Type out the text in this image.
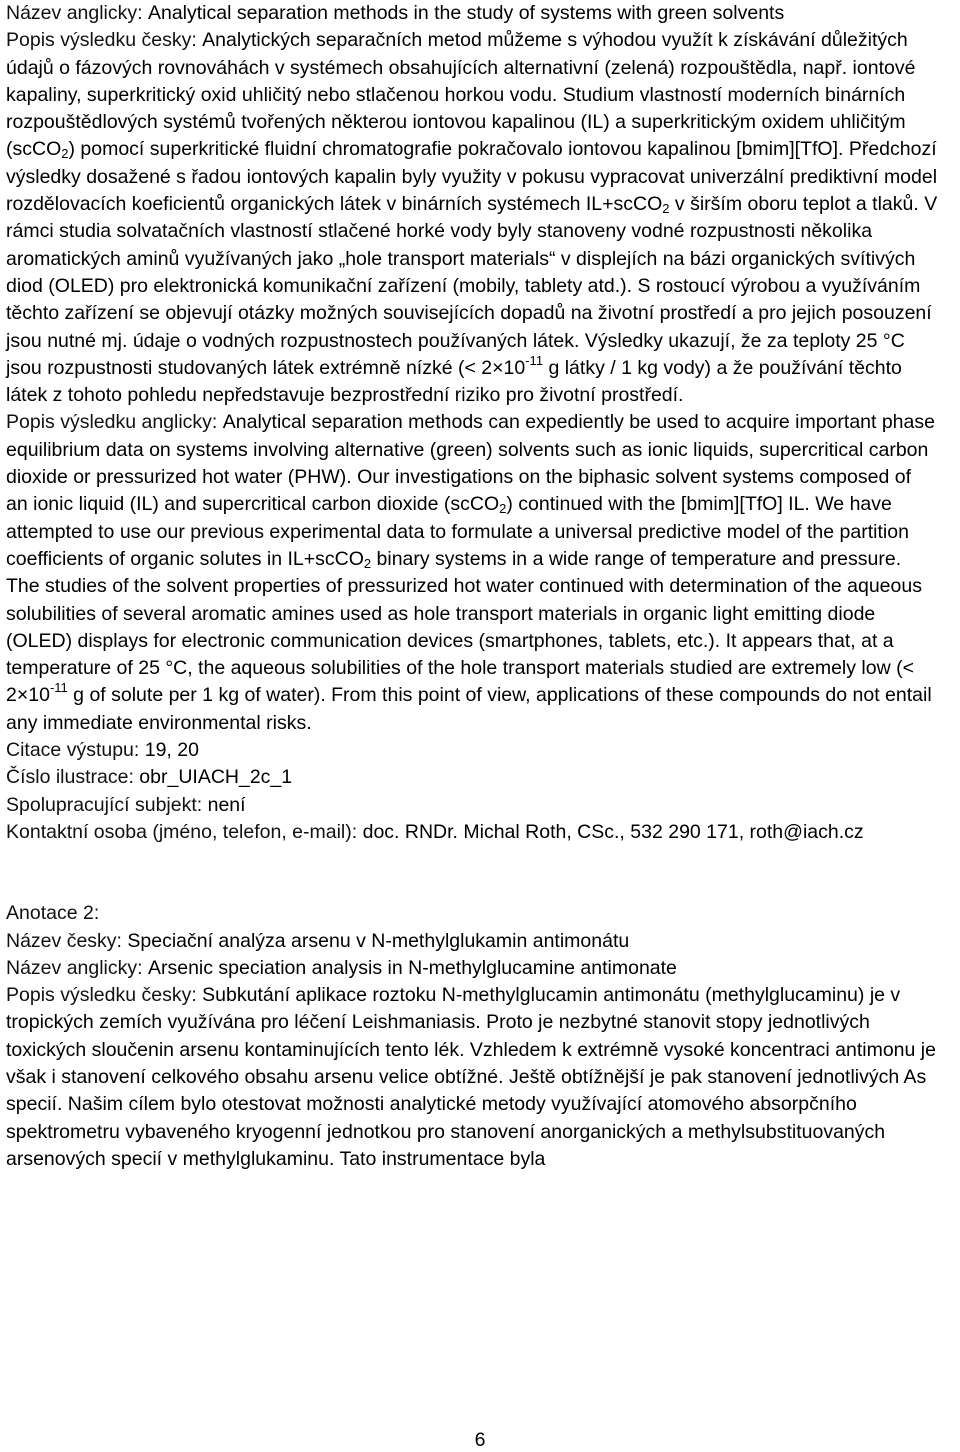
Název anglicky: Analytical separation methods in the study of systems with green solvents

Popis výsledku česky: Analytických separačních metod můžeme s výhodou využít k získávání důležitých údajů o fázových rovnováhách v systémech obsahujících alternativní (zelená) rozpouštědla, např. iontové kapaliny, superkritický oxid uhličitý nebo stlačenou horkou vodu. Studium vlastností moderních binárních rozpouštědlových systémů tvořených některou iontovou kapalinou (IL) a superkritickým oxidem uhličitým (scCO$_2$) pomocí superkritické fluidní chromatografie pokračovalo iontovou kapalinou [bmim][TfO]. Předchozí výsledky dosažené s řadou iontových kapalin byly využity v pokusu vypracovat univerzální prediktivní model rozdělovacích koeficientů organických látek v binárních systémech IL+scCO$_2$ v širším oboru teplot a tlaků. V rámci studia solvatačních vlastností stlačené horké vody byly stanoveny vodné rozpustnosti několika aromatických aminů využívaných jako „hole transport materials“ v displejích na bázi organických svítivých diod (OLED) pro elektronická komunikační zařízení (mobily, tablety atd.). S rostoucí výrobou a využíváním těchto zařízení se objevují otázky možných souvisejících dopadů na životní prostředí a pro jejich posouzení jsou nutné mj. údaje o vodných rozpustnostech používaných látek. Výsledky ukazují, že za teploty 25 °C jsou rozpustnosti studovaných látek extrémně nízké (< $2\times 10^{-11}$ g látky / 1 kg vody) a že používání těchto látek z tohoto pohledu nepředstavuje bezprostřední riziko pro životní prostředí.

Popis výsledku anglicky: Analytical separation methods can expediently be used to acquire important phase equilibrium data on systems involving alternative (green) solvents such as ionic liquids, supercritical carbon dioxide or pressurized hot water (PHW). Our investigations on the biphasic solvent systems composed of an ionic liquid (IL) and supercritical carbon dioxide (scCO$_2$) continued with the [bmim][TfO] IL. We have attempted to use our previous experimental data to formulate a universal predictive model of the partition coefficients of organic solutes in IL+scCO$_2$ binary systems in a wide range of temperature and pressure. The studies of the solvent properties of pressurized hot water continued with determination of the aqueous solubilities of several aromatic amines used as hole transport materials in organic light emitting diode (OLED) displays for electronic communication devices (smartphones, tablets, etc.). It appears that, at a temperature of 25 °C, the aqueous solubilities of the hole transport materials studied are extremely low (< $2\times 10^{-11}$ g of solute per 1 kg of water). From this point of view, applications of these compounds do not entail any immediate environmental risks.

Citace výstupu: 19, 20

Číslo ilustrace: obr_UIACH_2c_1

Spolupracující subjekt: není

Kontaktní osoba (jméno, telefon, e-mail): doc. RNDr. Michal Roth, CSc., 532 290 171, roth@iach.cz

Anotace 2:

Název česky: Speciační analýza arsenu v N-methylglukamin antimonátu

Název anglicky: Arsenic speciation analysis in N-methylglucamine antimonate

Popis výsledku česky: Subkutání aplikace roztoku N-methylglucamin antimonátu (methylglucaminu) je v tropických zemích využívána pro léčení Leishmaniasis. Proto je nezbytné stanovit stopy jednotlivých toxických sloučenin arsenu kontaminujících tento lék. Vzhledem k extrémně vysoké koncentraci antimonu je však i stanovení celkového obsahu arsenu velice obtížné. Ještě obtížnější je pak stanovení jednotlivých As specií. Našim cílem bylo otestovat možnosti analytické metody využívající atomového absorpčního spektrometru vybaveného kryogenní jednotkou pro stanovení anorganických a methylsubstituovaných arsenových specií v methylglukaminu. Tato instrumentace byla

6
